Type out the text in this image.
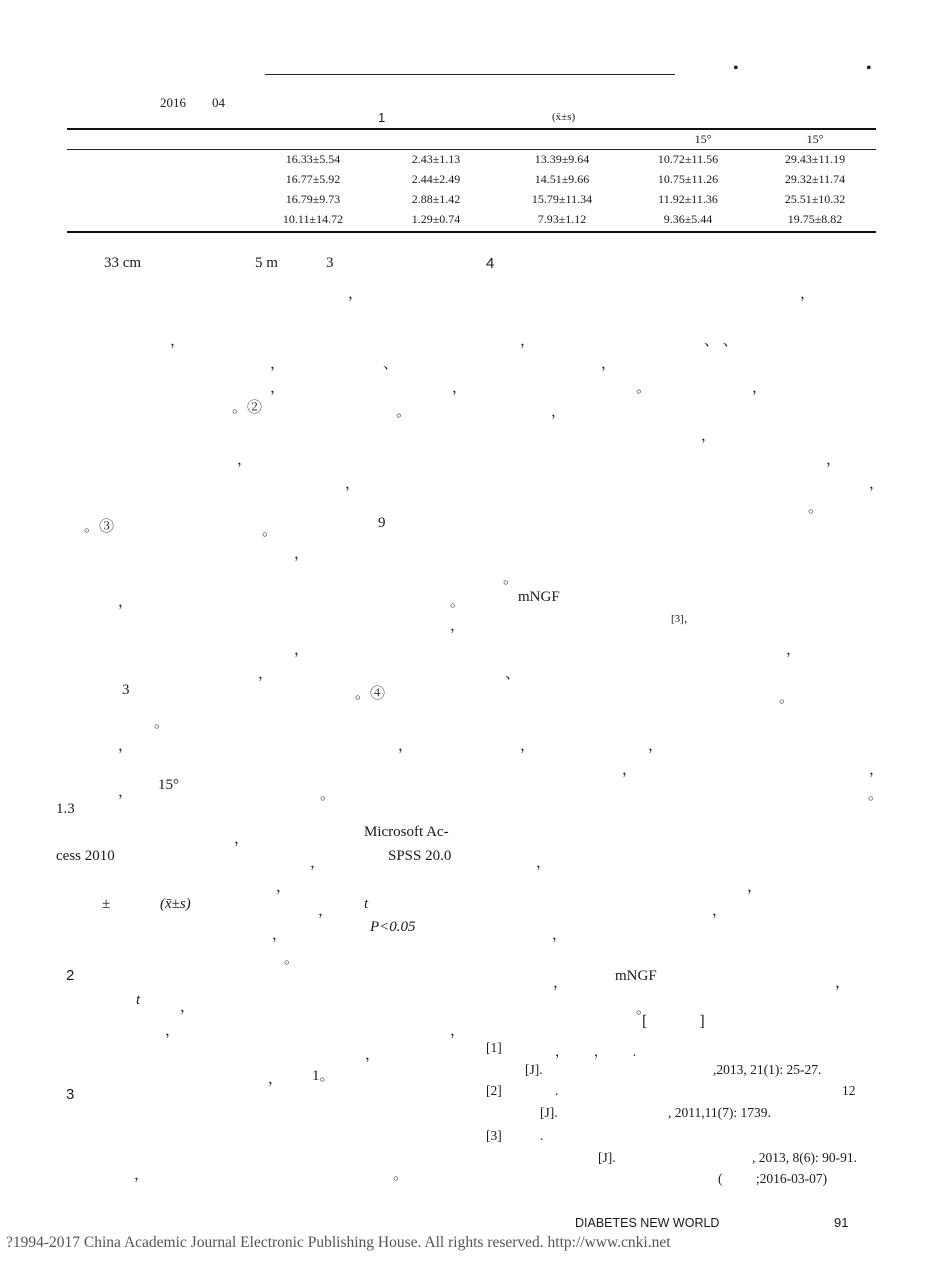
2016 04
•	•
1	(x̄±s)
15°	15°
16.33±5.54	2.43±1.13	13.39±9.64	10.72±11.56	29.43±11.19
16.77±5.92	2.44±2.49	14.51±9.66	10.75±11.26	29.32±11.74
16.79±9.73	2.88±1.42	15.79±11.34	11.92±11.36	25.51±10.32
10.11±14.72	1.29±0.74	7.93±1.12	9.36±5.44	19.75±8.82
33 cm	5 m	3	4
，	，
，	，	、 、
，	、	，
，	，	。	，
。②	。	，
，
，	，
，	，
。
。③	。	9
，
。
，	。	mNGF
，	[3]，
，	，
，	、
3	。④	。
。
，	，	，	，
，	，
， 15°
。	。
1.3
，	Microsoft Ac-
cess 2010	，	SPSS 20.0	，
，	，
±	(x̄±s)	， t	，
，	P<0.05	，
。
2	，	mNGF	，
t	，	。
，	，
，
， 1。
3
，	。
[ ]
[1]	， ， .
[J].	,2013, 21(1): 25-27.
[2]	.	12
[J].	, 2011,11(7): 1739.
[3]	.
[J].	, 2013, 8(6): 90-91.
( ;2016-03-07)
DIABETES NEW WORLD	91
?1994-2017 China Academic Journal Electronic Publishing House. All rights reserved. http://www.cnki.net
